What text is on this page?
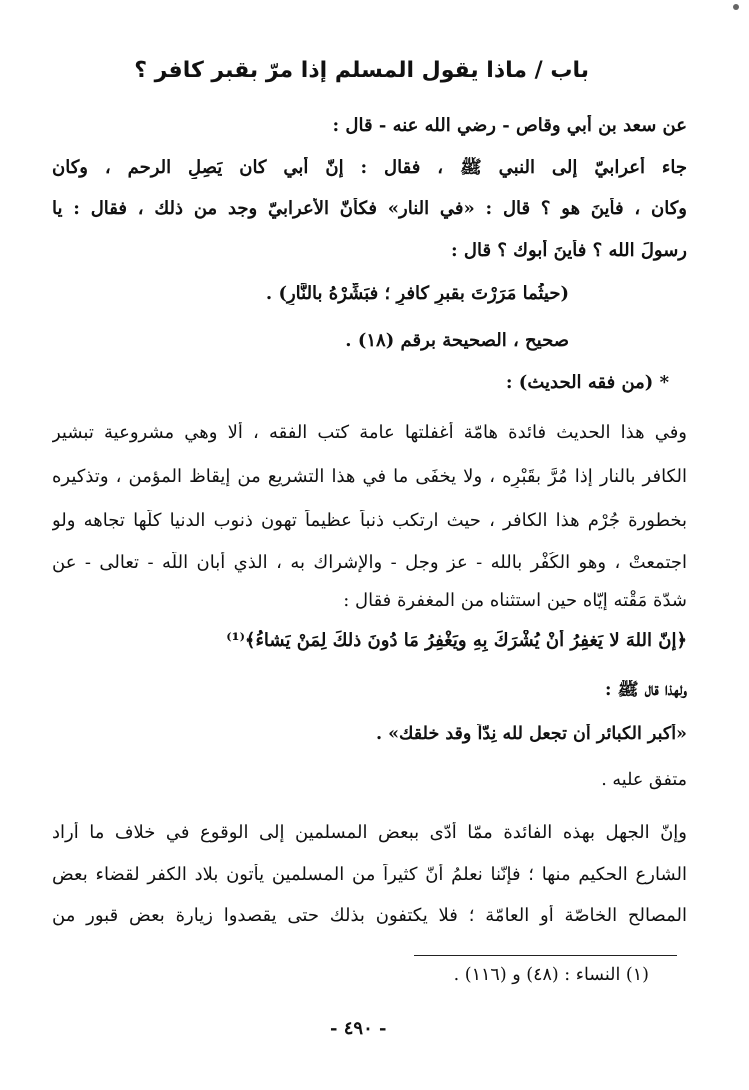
باب / ماذا يقول المسلم إذا مرّ بقبر كافر ؟
عن سعد بن أبي وقاص - رضي الله عنه - قال :
جاء أعرابيّ إلى النبي ﷺ ، فقال : إنّ أبي كان يَصِلِ الرحم ، وكان
وكان ، فأينَ هو ؟ قال : «في النار» فكأنّ الأعرابيّ وجد من ذلك ، فقال : يا
رسولَ الله ؟ فأينَ أبوك ؟ قال :
(حيثُما مَرَرْتَ بقبرِ كافرٍ ؛ فبَشِّرْهُ بالنَّارِ) .
صحيح ، الصحيحة برقم (١٨) .
* (من فقه الحديث) :
وفي هذا الحديث فائدة هامّة أغفلتها عامة كتب الفقه ، ألا وهي مشروعية تبشير
الكافر بالنار إذا مُرَّ بقَبْرِه ، ولا يخفَى ما في هذا التشريع من إيقاظ المؤمن ، وتذكيره
بخطورة جُرْم هذا الكافر ، حيث ارتكب ذنباً عظيماً تهون ذنوب الدنيا كلّها تجاهه ولو
اجتمعتْ ، وهو الكُفْر بالله - عز وجل - والإشراك به ، الذي أبان اللّه - تعالى - عن
شدّة مَقْته إيّاه حين استثناه من المغفرة فقال :
﴿إنّ اللهَ لا يَغفِرُ أنْ يُشْرَكَ بِهِ ويَغْفِرُ مَا دُونَ ذلكَ لِمَنْ يَشاءُ﴾⁽¹⁾
ولهذا قال ﷺ :
«أكبر الكبائر أن تجعل لله نِدّاً وقد خلقك» .
متفق عليه .
وإنّ الجهل بهذه الفائدة ممّا أدّى ببعض المسلمين إلى الوقوع في خلاف ما أراد
الشارع الحكيم منها ؛ فإنّنا نعلمُ أنّ كثيراً من المسلمين يأْتون بلاد الكفر لقضاء بعض
المصالح الخاصّة أو العامّة ؛ فلا يكتفون بذلك حتى يقصدوا زيارة بعض قبور من
(١) النساء : (٤٨) و (١١٦) .
- ٤٩٠ -
